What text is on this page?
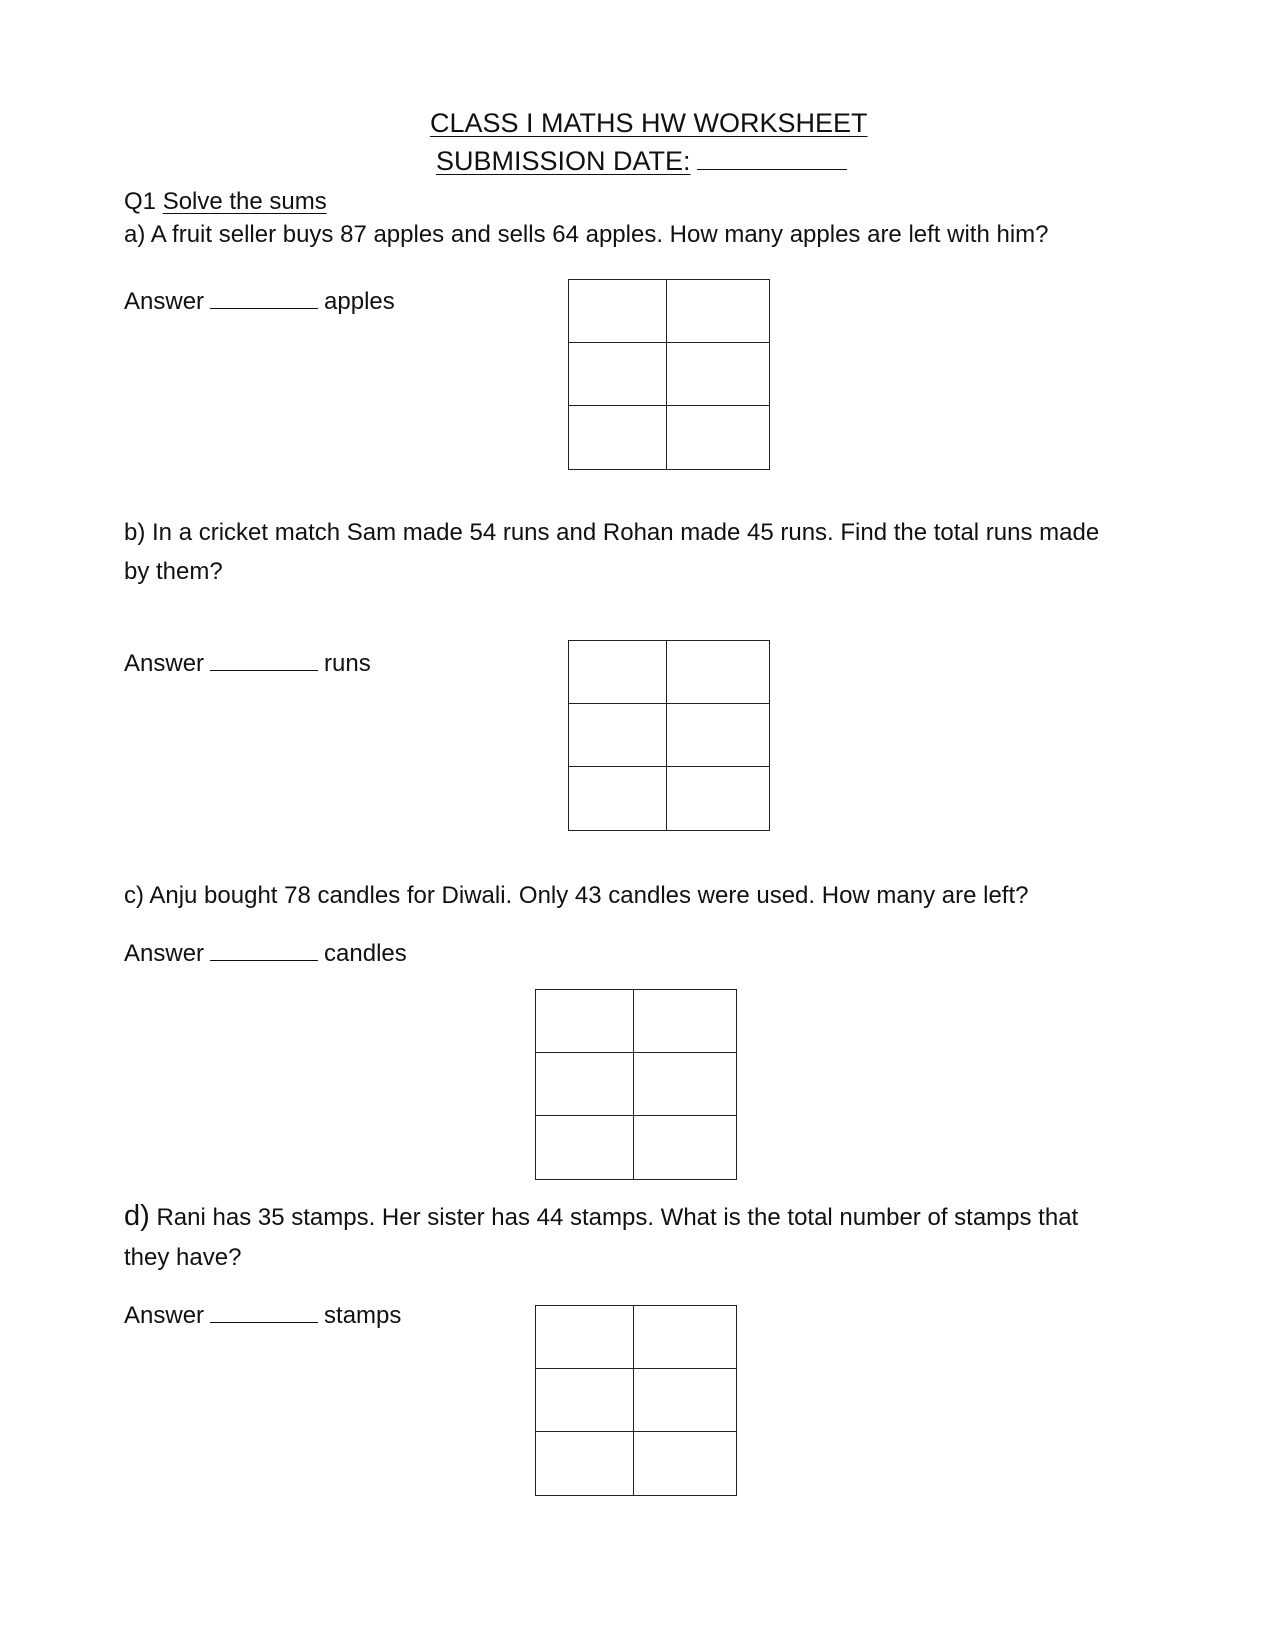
CLASS I MATHS HW WORKSHEET
SUBMISSION DATE:
Q1 Solve the sums
a) A fruit seller buys 87 apples and sells 64 apples. How many apples are left with him?
Answer	apples
b) In a cricket match Sam made 54 runs and Rohan made 45 runs. Find the total runs made
by them?
Answer	runs
c) Anju bought 78 candles for Diwali. Only 43 candles were used. How many are left?
Answer	candles
d) Rani has 35 stamps. Her sister has 44 stamps. What is the total number of stamps that
they have?
Answer	stamps
